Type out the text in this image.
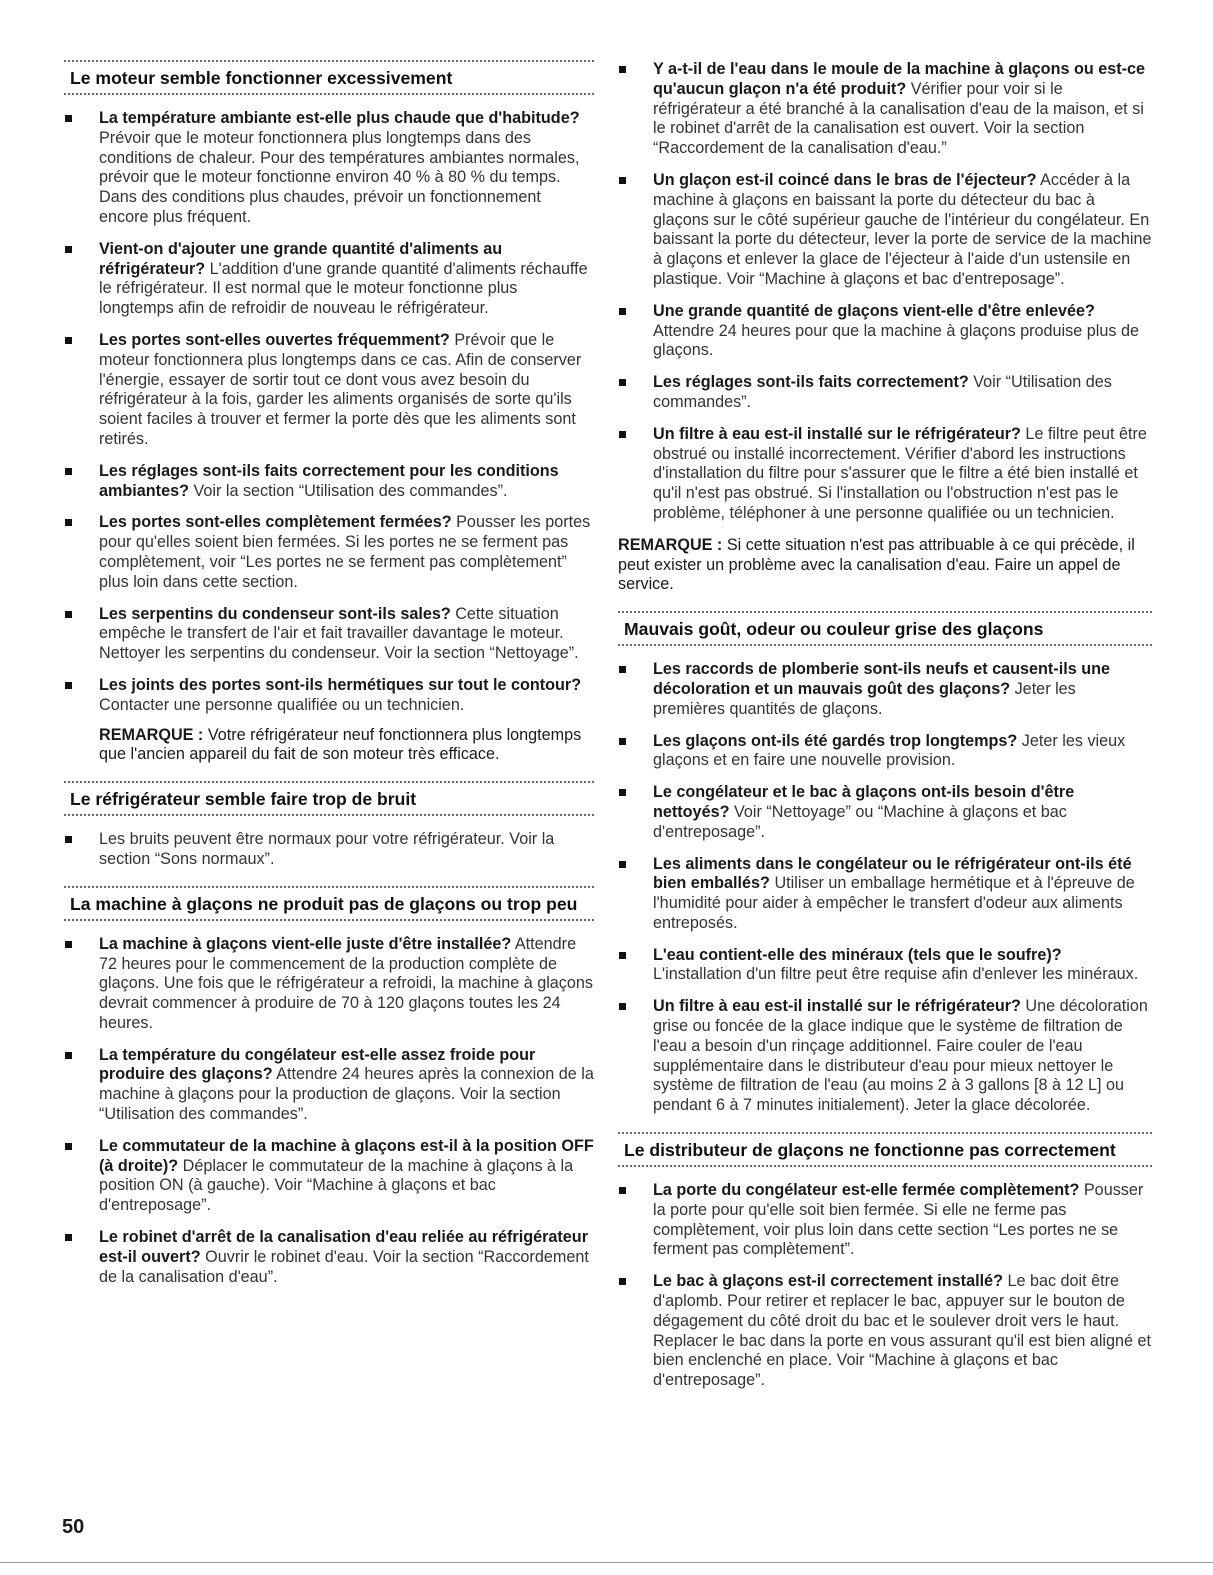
Le moteur semble fonctionner excessivement
La température ambiante est-elle plus chaude que d'habitude? Prévoir que le moteur fonctionnera plus longtemps dans des conditions de chaleur. Pour des températures ambiantes normales, prévoir que le moteur fonctionne environ 40 % à 80 % du temps. Dans des conditions plus chaudes, prévoir un fonctionnement encore plus fréquent.
Vient-on d'ajouter une grande quantité d'aliments au réfrigérateur? L'addition d'une grande quantité d'aliments réchauffe le réfrigérateur. Il est normal que le moteur fonctionne plus longtemps afin de refroidir de nouveau le réfrigérateur.
Les portes sont-elles ouvertes fréquemment? Prévoir que le moteur fonctionnera plus longtemps dans ce cas. Afin de conserver l'énergie, essayer de sortir tout ce dont vous avez besoin du réfrigérateur à la fois, garder les aliments organisés de sorte qu'ils soient faciles à trouver et fermer la porte dès que les aliments sont retirés.
Les réglages sont-ils faits correctement pour les conditions ambiantes? Voir la section “Utilisation des commandes”.
Les portes sont-elles complètement fermées? Pousser les portes pour qu'elles soient bien fermées. Si les portes ne se ferment pas complètement, voir “Les portes ne se ferment pas complètement” plus loin dans cette section.
Les serpentins du condenseur sont-ils sales? Cette situation empêche le transfert de l'air et fait travailler davantage le moteur. Nettoyer les serpentins du condenseur. Voir la section “Nettoyage”.
Les joints des portes sont-ils hermétiques sur tout le contour? Contacter une personne qualifiée ou un technicien.
REMARQUE : Votre réfrigérateur neuf fonctionnera plus longtemps que l'ancien appareil du fait de son moteur très efficace.
Le réfrigérateur semble faire trop de bruit
Les bruits peuvent être normaux pour votre réfrigérateur. Voir la section “Sons normaux”.
La machine à glaçons ne produit pas de glaçons ou trop peu
La machine à glaçons vient-elle juste d'être installée? Attendre 72 heures pour le commencement de la production complète de glaçons. Une fois que le réfrigérateur a refroidi, la machine à glaçons devrait commencer à produire de 70 à 120 glaçons toutes les 24 heures.
La température du congélateur est-elle assez froide pour produire des glaçons? Attendre 24 heures après la connexion de la machine à glaçons pour la production de glaçons. Voir la section “Utilisation des commandes”.
Le commutateur de la machine à glaçons est-il à la position OFF (à droite)? Déplacer le commutateur de la machine à glaçons à la position ON (à gauche). Voir “Machine à glaçons et bac d'entreposage”.
Le robinet d'arrêt de la canalisation d'eau reliée au réfrigérateur est-il ouvert? Ouvrir le robinet d'eau. Voir la section “Raccordement de la canalisation d'eau”.
Y a-t-il de l'eau dans le moule de la machine à glaçons ou est-ce qu'aucun glaçon n'a été produit? Vérifier pour voir si le réfrigérateur a été branché à la canalisation d'eau de la maison, et si le robinet d'arrêt de la canalisation est ouvert. Voir la section “Raccordement de la canalisation d'eau.”
Un glaçon est-il coincé dans le bras de l'éjecteur? Accéder à la machine à glaçons en baissant la porte du détecteur du bac à glaçons sur le côté supérieur gauche de l'intérieur du congélateur. En baissant la porte du détecteur, lever la porte de service de la machine à glaçons et enlever la glace de l'éjecteur à l'aide d'un ustensile en plastique. Voir “Machine à glaçons et bac d'entreposage”.
Une grande quantité de glaçons vient-elle d'être enlevée? Attendre 24 heures pour que la machine à glaçons produise plus de glaçons.
Les réglages sont-ils faits correctement? Voir “Utilisation des commandes”.
Un filtre à eau est-il installé sur le réfrigérateur? Le filtre peut être obstrué ou installé incorrectement. Vérifier d'abord les instructions d'installation du filtre pour s'assurer que le filtre a été bien installé et qu'il n'est pas obstrué. Si l'installation ou l'obstruction n'est pas le problème, téléphoner à une personne qualifiée ou un technicien.
REMARQUE : Si cette situation n'est pas attribuable à ce qui précède, il peut exister un problème avec la canalisation d'eau. Faire un appel de service.
Mauvais goût, odeur ou couleur grise des glaçons
Les raccords de plomberie sont-ils neufs et causent-ils une décoloration et un mauvais goût des glaçons? Jeter les premières quantités de glaçons.
Les glaçons ont-ils été gardés trop longtemps? Jeter les vieux glaçons et en faire une nouvelle provision.
Le congélateur et le bac à glaçons ont-ils besoin d'être nettoyés? Voir “Nettoyage” ou “Machine à glaçons et bac d'entreposage”.
Les aliments dans le congélateur ou le réfrigérateur ont-ils été bien emballés? Utiliser un emballage hermétique et à l'épreuve de l'humidité pour aider à empêcher le transfert d'odeur aux aliments entreposés.
L'eau contient-elle des minéraux (tels que le soufre)? L'installation d'un filtre peut être requise afin d'enlever les minéraux.
Un filtre à eau est-il installé sur le réfrigérateur? Une décoloration grise ou foncée de la glace indique que le système de filtration de l'eau a besoin d'un rinçage additionnel. Faire couler de l'eau supplémentaire dans le distributeur d'eau pour mieux nettoyer le système de filtration de l'eau (au moins 2 à 3 gallons [8 à 12 L] ou pendant 6 à 7 minutes initialement). Jeter la glace décolorée.
Le distributeur de glaçons ne fonctionne pas correctement
La porte du congélateur est-elle fermée complètement? Pousser la porte pour qu'elle soit bien fermée. Si elle ne ferme pas complètement, voir plus loin dans cette section “Les portes ne se ferment pas complètement”.
Le bac à glaçons est-il correctement installé? Le bac doit être d'aplomb. Pour retirer et replacer le bac, appuyer sur le bouton de dégagement du côté droit du bac et le soulever droit vers le haut. Replacer le bac dans la porte en vous assurant qu'il est bien aligné et bien enclenché en place. Voir “Machine à glaçons et bac d'entreposage”.
50
